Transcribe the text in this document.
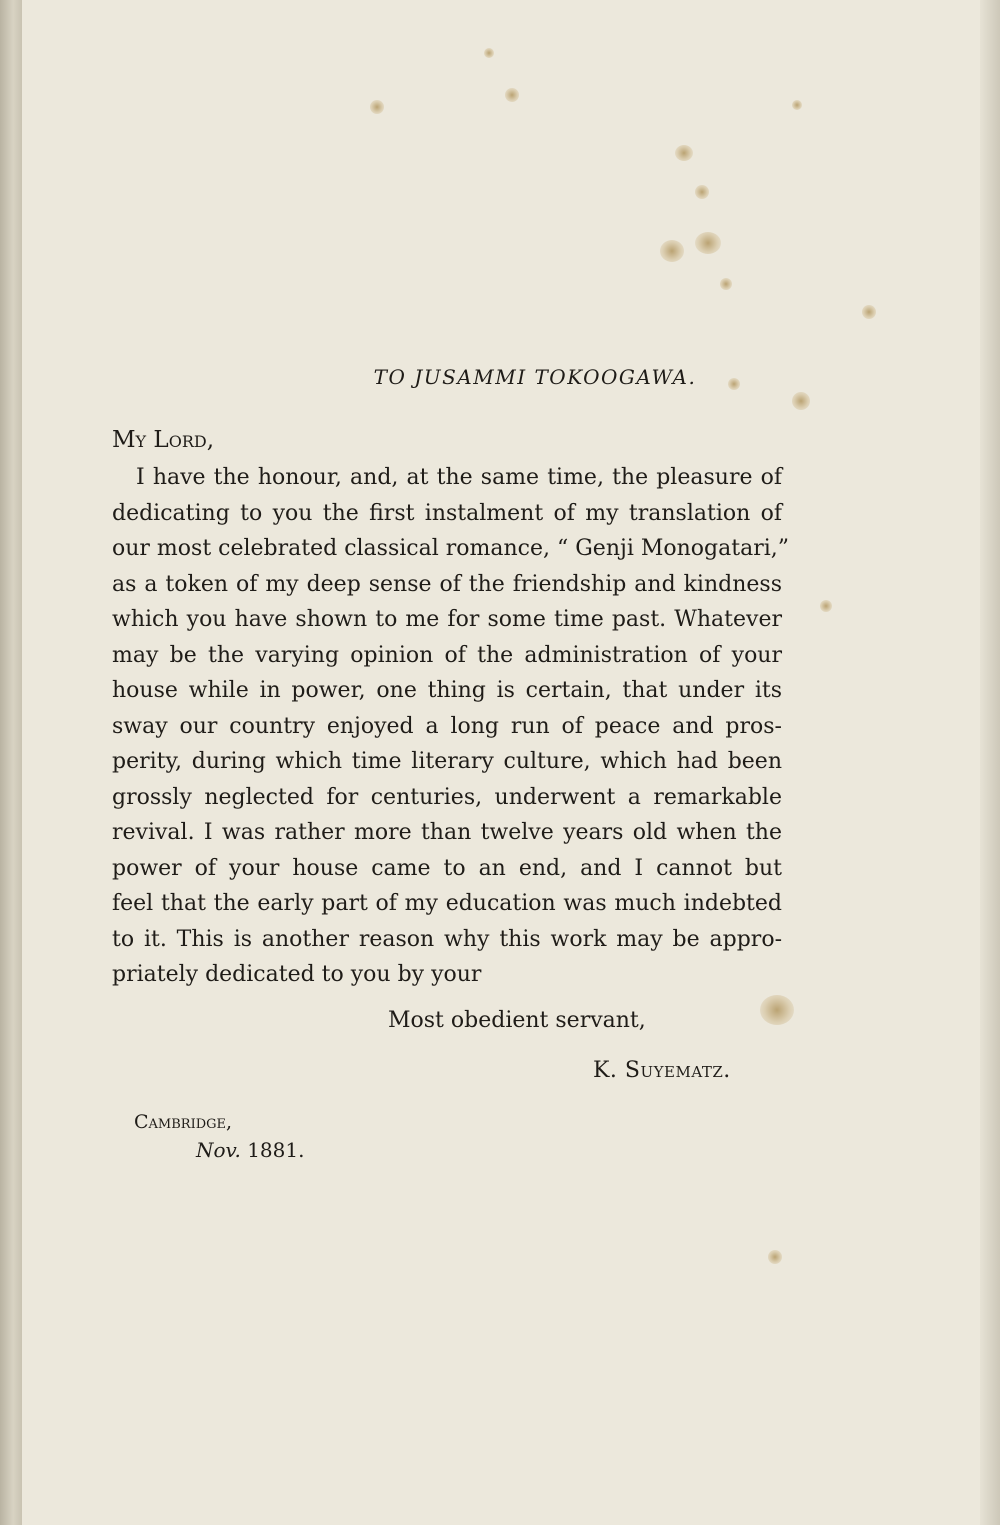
TO JUSAMMI TOKOOGAWA.
My Lord,
I have the honour, and, at the same time, the pleasure of
dedicating to you the first instalment of my translation of
our most celebrated classical romance, “ Genji Monogatari,”
as a token of my deep sense of the friendship and kindness
which you have shown to me for some time past. Whatever
may be the varying opinion of the administration of your
house while in power, one thing is certain, that under its
sway our country enjoyed a long run of peace and pros-
perity, during which time literary culture, which had been
grossly neglected for centuries, underwent a remarkable
revival. I was rather more than twelve years old when the
power of your house came to an end, and I cannot but
feel that the early part of my education was much indebted
to it. This is another reason why this work may be appro-
priately dedicated to you by your
Most obedient servant,
K. Suyematz.
Cambridge,
Nov. 1881.
